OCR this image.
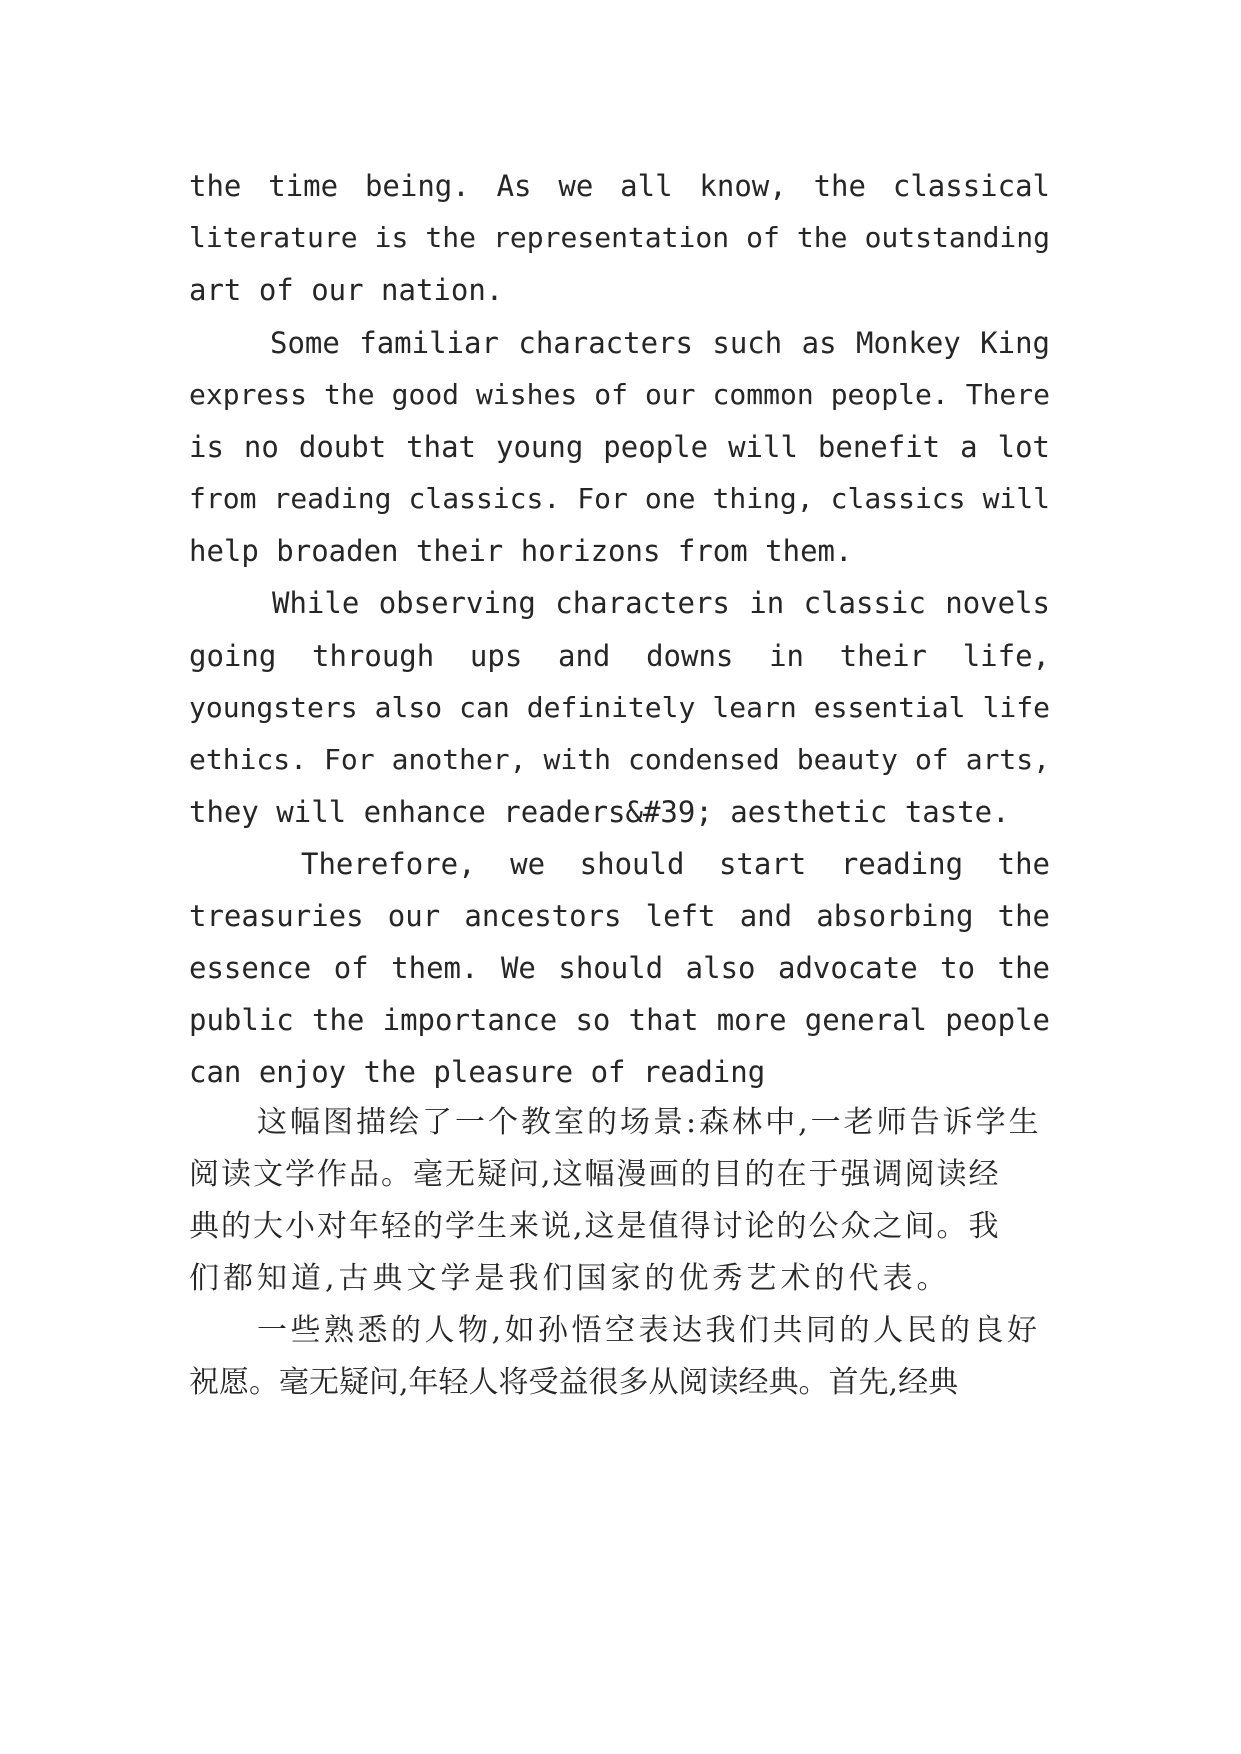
the time being. As we all know, the classical

literature is the representation of the outstanding

art of our nation.

Some familiar characters such as Monkey King

express the good wishes of our common people. There

is no doubt that young people will benefit a lot

from reading classics. For one thing, classics will

help broaden their horizons from them.

While observing characters in classic novels

going through ups and downs in their life,

youngsters also can definitely learn essential life

ethics. For another, with condensed beauty of arts,

they will enhance readers&#39; aesthetic taste.

Therefore, we should start reading the

treasuries our ancestors left and absorbing the

essence of them. We should also advocate to the

public the importance so that more general people

can enjoy the pleasure of reading

这幅图描绘了一个教室的场景:森林中,一老师告诉学生

阅读文学作品。毫无疑问,这幅漫画的目的在于强调阅读经

典的大小对年轻的学生来说,这是值得讨论的公众之间。我

们都知道,古典文学是我们国家的优秀艺术的代表。

一些熟悉的人物,如孙悟空表达我们共同的人民的良好

祝愿。毫无疑问,年轻人将受益很多从阅读经典。首先,经典
